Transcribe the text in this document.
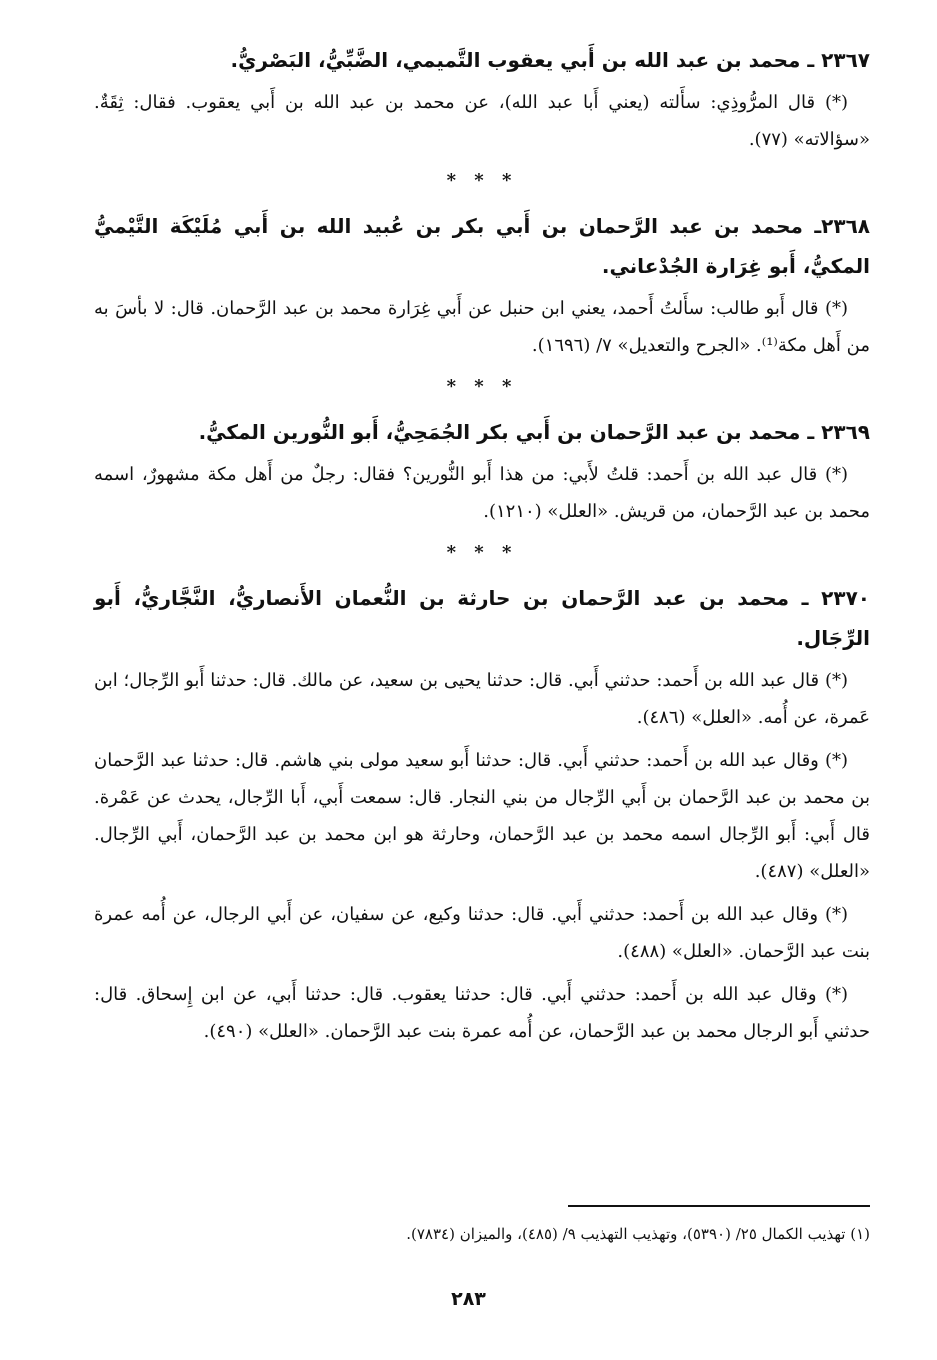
٢٣٦٧ ـ محمد بن عبد الله بن أَبي يعقوب التَّميمي، الضَّبِّيُّ، البَصْريُّ.

(*) قال المرُّوذِي: سأَلته (يعني أَبا عبد الله)، عن محمد بن عبد الله بن أَبي يعقوب. فقال: ثِقَةٌ. «سؤالاته» (٧٧).

* * *
٢٣٦٨ـ محمد بن عبد الرَّحمان بن أَبي بكر بن عُبيد الله بن أَبي مُلَيْكَة التَّيْميُّ المكيُّ، أَبو غِرَارة الجُدْعاني.

(*) قال أَبو طالب: سأَلتُ أَحمد، يعني ابن حنبل عن أَبي غِرَارة محمد بن عبد الرَّحمان. قال: لا بأسَ به من أَهل مكة⁽¹⁾. «الجرح والتعديل» ٧/ (١٦٩٦).

* * *
٢٣٦٩ ـ محمد بن عبد الرَّحمان بن أَبي بكر الجُمَحِيُّ، أَبو النُّورين المكيُّ.

(*) قال عبد الله بن أَحمد: قلتُ لأَبي: من هذا أَبو النُّورين؟ فقال: رجلٌ من أَهل مكة مشهورٌ، اسمه محمد بن عبد الرَّحمان، من قريش. «العلل» (١٢١٠).

* * *
٢٣٧٠ ـ محمد بن عبد الرَّحمان بن حارثة بن النُّعمان الأَنصاريُّ، النَّجَّاريُّ، أَبو الرِّجَال.

(*) قال عبد الله بن أَحمد: حدثني أَبي. قال: حدثنا يحيى بن سعيد، عن مالك. قال: حدثنا أَبو الرِّجال؛ ابن عَمرة، عن أُمه. «العلل» (٤٨٦).

(*) وقال عبد الله بن أَحمد: حدثني أَبي. قال: حدثنا أَبو سعيد مولى بني هاشم. قال: حدثنا عبد الرَّحمان بن محمد بن عبد الرَّحمان بن أَبي الرِّجال من بني النجار. قال: سمعت أَبي، أَبا الرِّجال، يحدث عن عَمْرة. قال أَبي: أَبو الرِّجال اسمه محمد بن عبد الرَّحمان، وحارثة هو ابن محمد بن عبد الرَّحمان، أَبي الرِّجال. «العلل» (٤٨٧).

(*) وقال عبد الله بن أَحمد: حدثني أَبي. قال: حدثنا وكيع، عن سفيان، عن أَبي الرجال، عن أُمه عمرة بنت عبد الرَّحمان. «العلل» (٤٨٨).

(*) وقال عبد الله بن أَحمد: حدثني أَبي. قال: حدثنا يعقوب. قال: حدثنا أَبي، عن ابن إِسحاق. قال: حدثني أَبو الرجال محمد بن عبد الرَّحمان، عن أُمه عمرة بنت عبد الرَّحمان. «العلل» (٤٩٠).

(١) تهذيب الكمال ٢٥/ (٥٣٩٠)، وتهذيب التهذيب ٩/ (٤٨٥)، والميزان (٧٨٣٤).
٢٨٣
